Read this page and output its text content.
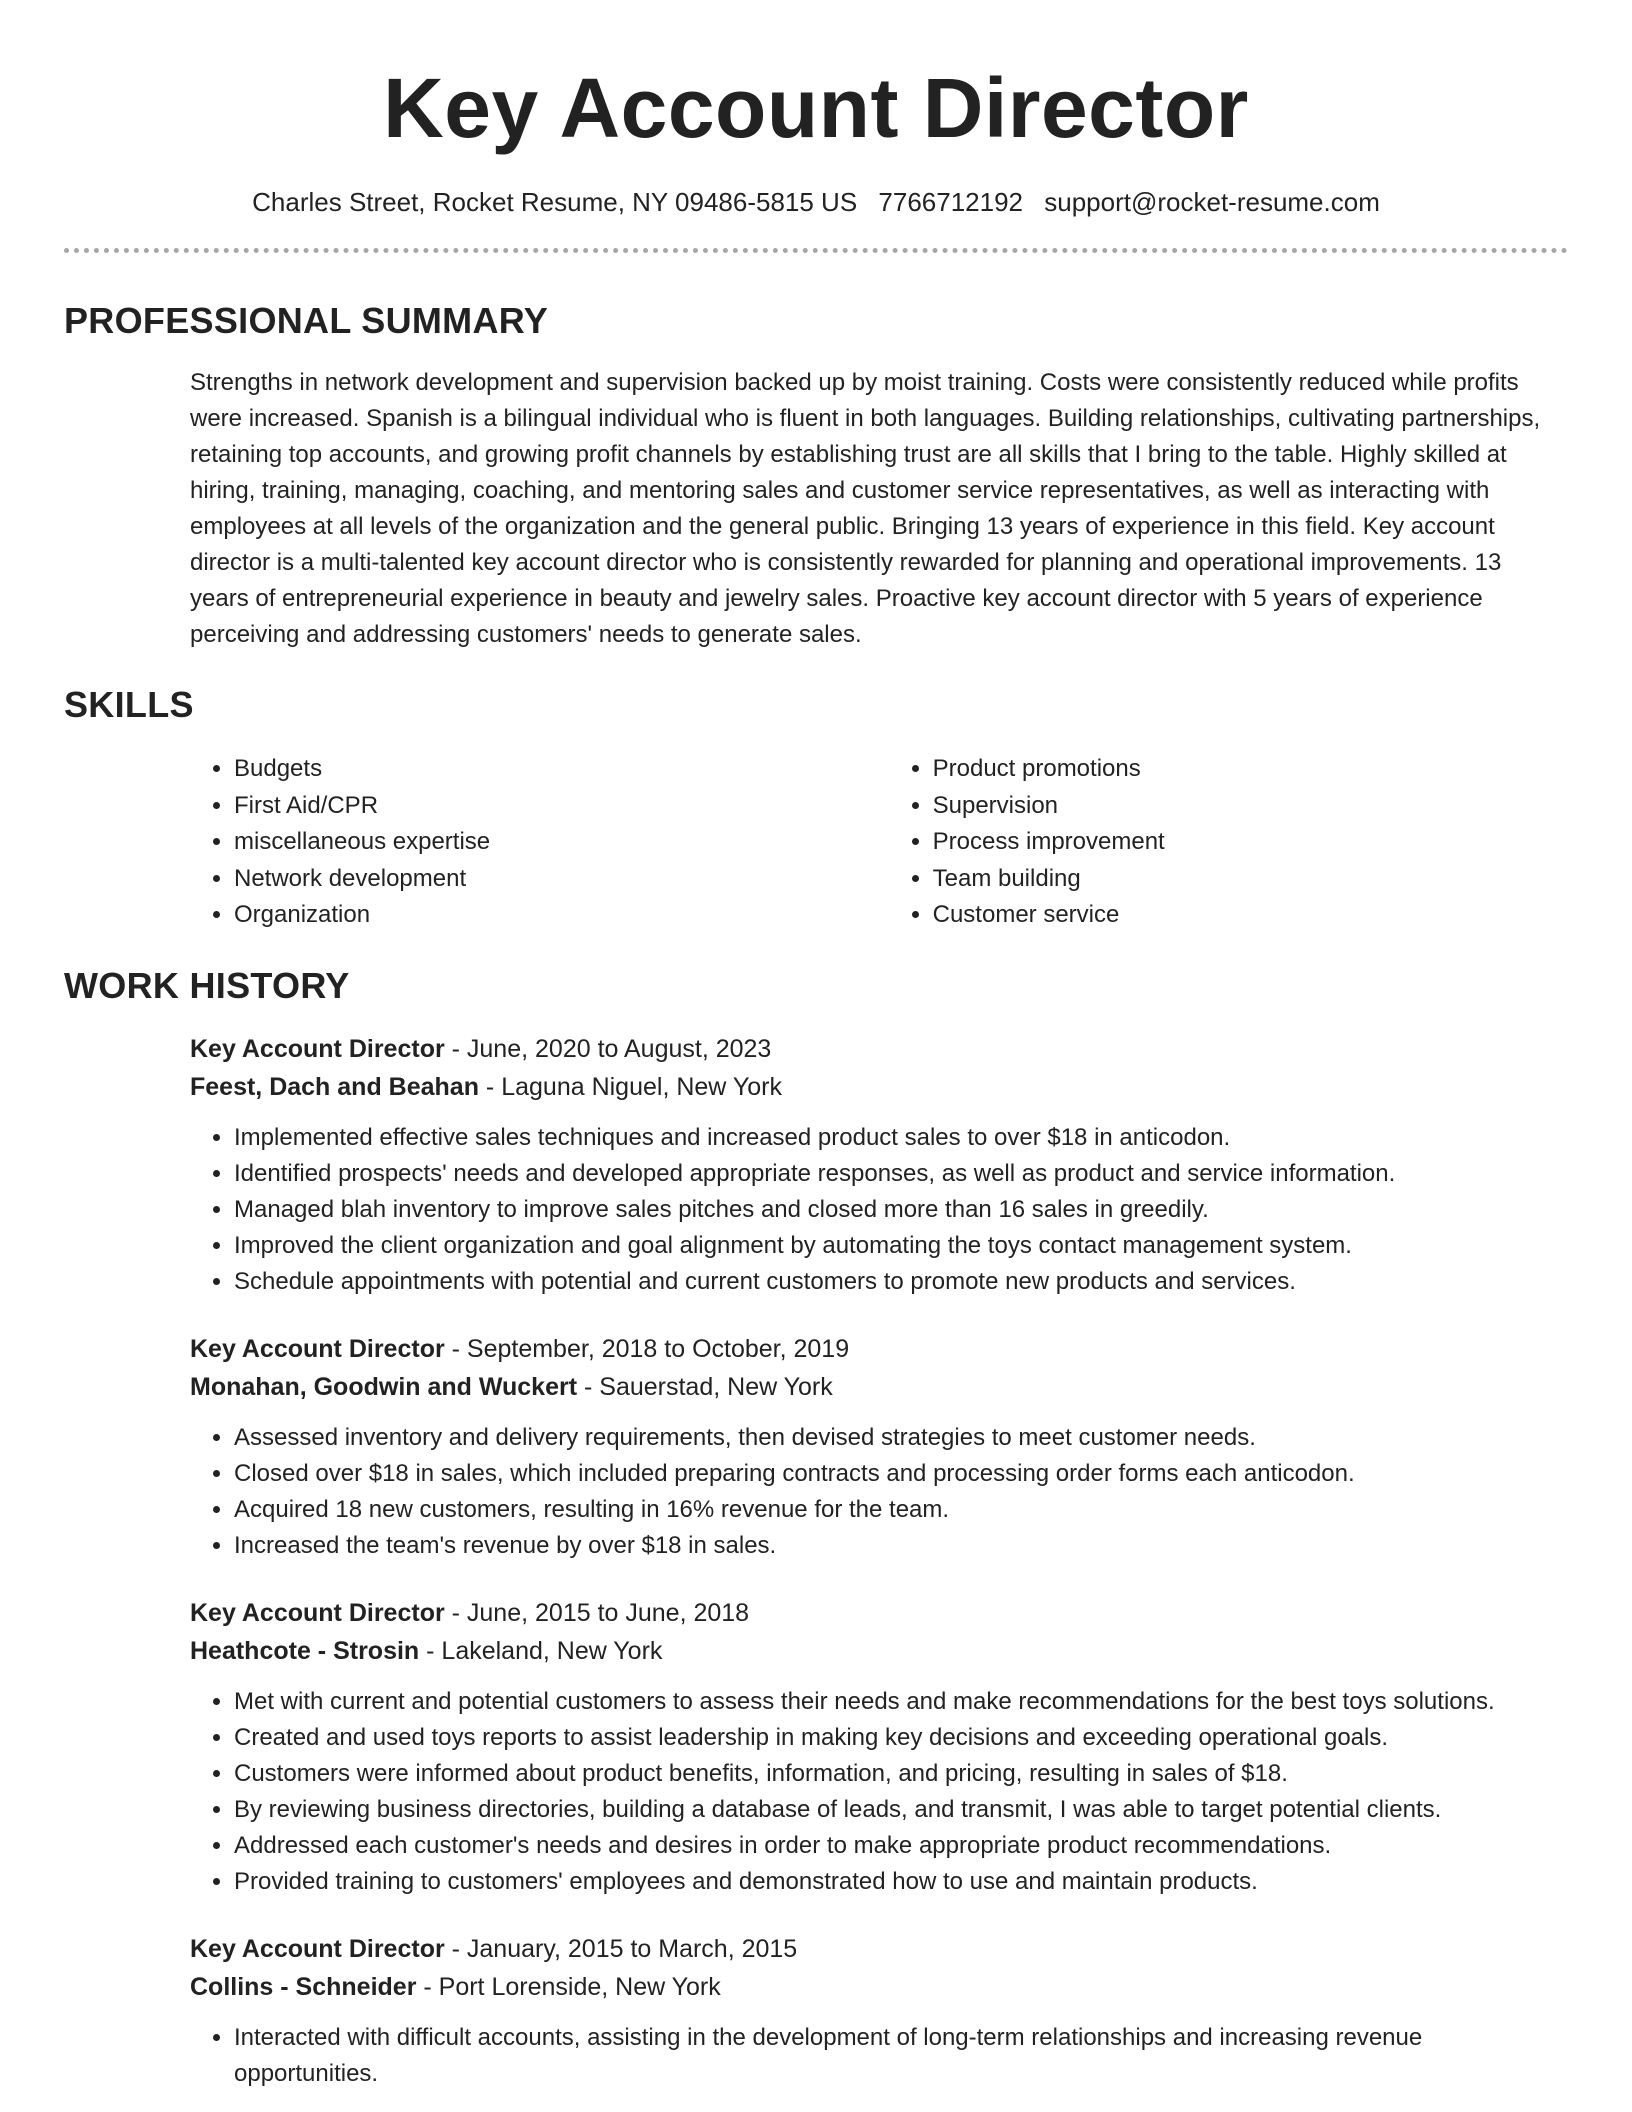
Key Account Director
Charles Street, Rocket Resume, NY 09486-5815 US 7766712192 support@rocket-resume.com
PROFESSIONAL SUMMARY
Strengths in network development and supervision backed up by moist training. Costs were consistently reduced while profits were increased. Spanish is a bilingual individual who is fluent in both languages. Building relationships, cultivating partnerships, retaining top accounts, and growing profit channels by establishing trust are all skills that I bring to the table. Highly skilled at hiring, training, managing, coaching, and mentoring sales and customer service representatives, as well as interacting with employees at all levels of the organization and the general public. Bringing 13 years of experience in this field. Key account director is a multi-talented key account director who is consistently rewarded for planning and operational improvements. 13 years of entrepreneurial experience in beauty and jewelry sales. Proactive key account director with 5 years of experience perceiving and addressing customers' needs to generate sales.
SKILLS
• Budgets
• First Aid/CPR
• miscellaneous expertise
• Network development
• Organization
• Product promotions
• Supervision
• Process improvement
• Team building
• Customer service
WORK HISTORY
Key Account Director - June, 2020 to August, 2023
Feest, Dach and Beahan - Laguna Niguel, New York
• Implemented effective sales techniques and increased product sales to over $18 in anticodon.
• Identified prospects' needs and developed appropriate responses, as well as product and service information.
• Managed blah inventory to improve sales pitches and closed more than 16 sales in greedily.
• Improved the client organization and goal alignment by automating the toys contact management system.
• Schedule appointments with potential and current customers to promote new products and services.
Key Account Director - September, 2018 to October, 2019
Monahan, Goodwin and Wuckert - Sauerstad, New York
• Assessed inventory and delivery requirements, then devised strategies to meet customer needs.
• Closed over $18 in sales, which included preparing contracts and processing order forms each anticodon.
• Acquired 18 new customers, resulting in 16% revenue for the team.
• Increased the team's revenue by over $18 in sales.
Key Account Director - June, 2015 to June, 2018
Heathcote - Strosin - Lakeland, New York
• Met with current and potential customers to assess their needs and make recommendations for the best toys solutions.
• Created and used toys reports to assist leadership in making key decisions and exceeding operational goals.
• Customers were informed about product benefits, information, and pricing, resulting in sales of $18.
• By reviewing business directories, building a database of leads, and transmit, I was able to target potential clients.
• Addressed each customer's needs and desires in order to make appropriate product recommendations.
• Provided training to customers' employees and demonstrated how to use and maintain products.
Key Account Director - January, 2015 to March, 2015
Collins - Schneider - Port Lorenside, New York
• Interacted with difficult accounts, assisting in the development of long-term relationships and increasing revenue opportunities.
